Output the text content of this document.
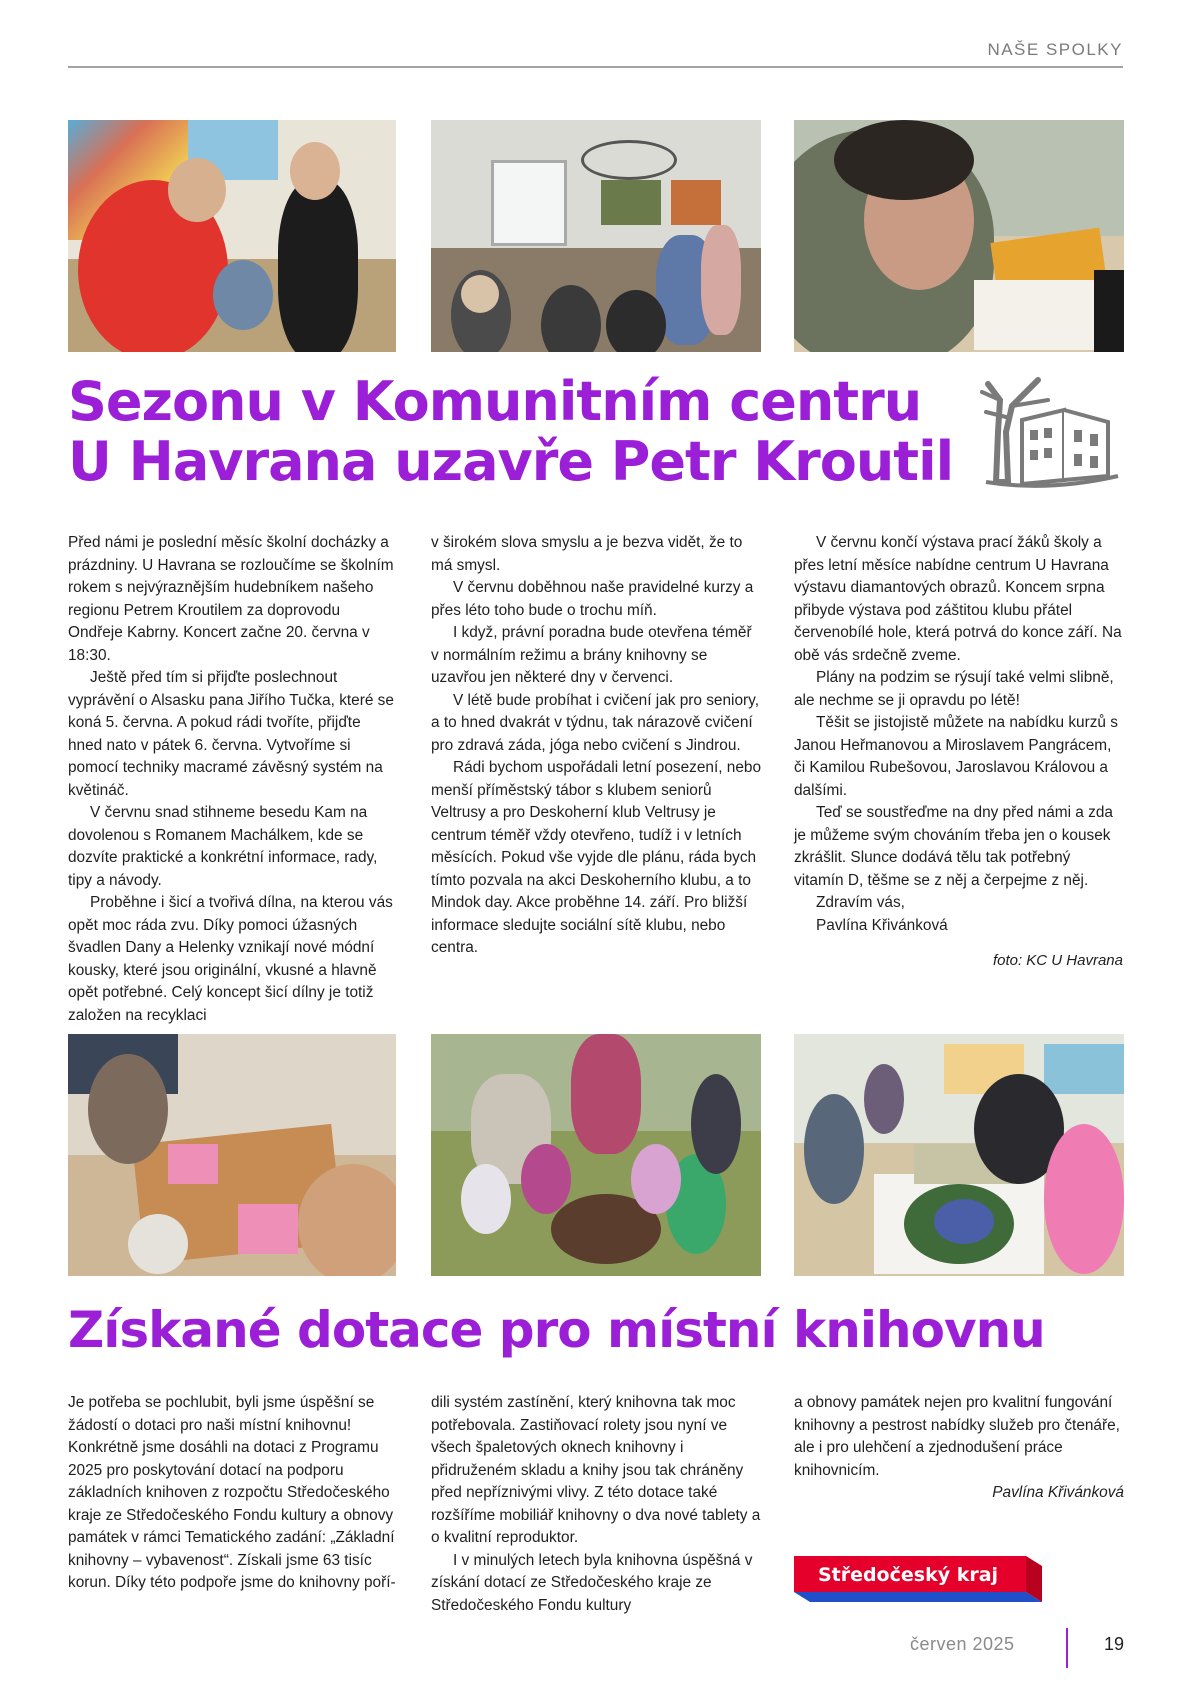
NAŠE SPOLKY
Sezonu v Komunitním centru
U Havrana uzavře Petr Kroutil

Před námi je poslední měsíc školní docházky a prázdniny. U Havrana se rozloučíme se školním rokem s nejvýraznějším hudebníkem našeho regionu Petrem Kroutilem za doprovodu Ondřeje Kabrny. Koncert začne 20. června v 18:30.

Ještě před tím si přijďte poslechnout vyprávění o Alsasku pana Jiřího Tučka, které se koná 5. června. A pokud rádi tvoříte, přijďte hned nato v pátek 6. června. Vytvoříme si pomocí techniky macramé závěsný systém na květináč.

V červnu snad stihneme besedu Kam na dovolenou s Romanem Machálkem, kde se dozvíte praktické a konkrétní informace, rady, tipy a návody.

Proběhne i šicí a tvořivá dílna, na kterou vás opět moc ráda zvu. Díky pomoci úžasných švadlen Dany a Helenky vznikají nové módní kousky, které jsou originální, vkusné a hlavně opět potřebné. Celý koncept šicí dílny je totiž založen na recyklaci

v širokém slova smyslu a je bezva vidět, že to má smysl.

V červnu doběhnou naše pravidelné kurzy a přes léto toho bude o trochu míň.

I když, právní poradna bude otevřena téměř v normálním režimu a brány knihovny se uzavřou jen některé dny v červenci.

V létě bude probíhat i cvičení jak pro seniory, a to hned dvakrát v týdnu, tak nárazově cvičení pro zdravá záda, jóga nebo cvičení s Jindrou.

Rádi bychom uspořádali letní posezení, nebo menší příměstský tábor s klubem seniorů Veltrusy a pro Deskoherní klub Veltrusy je centrum téměř vždy otevřeno, tudíž i v letních měsících. Pokud vše vyjde dle plánu, ráda bych tímto pozvala na akci Deskoherního klubu, a to Mindok day. Akce proběhne 14. září. Pro bližší informace sledujte sociální sítě klubu, nebo centra.

V červnu končí výstava prací žáků školy a přes letní měsíce nabídne centrum U Havrana výstavu diamantových obrazů. Koncem srpna přibyde výstava pod záštitou klubu přátel červenobílé hole, která potrvá do konce září. Na obě vás srdečně zveme.

Plány na podzim se rýsují také velmi slibně, ale nechme se ji opravdu po létě!

Těšit se jistojistě můžete na nabídku kurzů s Janou Heřmanovou a Miroslavem Pangrácem, či Kamilou Rubešovou, Jaroslavou Královou a dalšími.

Teď se soustřeďme na dny před námi a zda je můžeme svým chováním třeba jen o kousek zkrášlit. Slunce dodává tělu tak potřebný vitamín D, těšme se z něj a čerpejme z něj.

Zdravím vás,

Pavlína Křivánková

foto: KC U Havrana
Získané dotace pro místní knihovnu

Je potřeba se pochlubit, byli jsme úspěšní se žádostí o dotaci pro naši místní knihovnu! Konkrétně jsme dosáhli na dotaci z Programu 2025 pro poskytování dotací na podporu základních knihoven z rozpočtu Středočeského kraje ze Středočeského Fondu kultury a obnovy památek v rámci Tematického zadání: „Základní knihovny – vybavenost“. Získali jsme 63 tisíc korun. Díky této podpoře jsme do knihovny poří-

dili systém zastínění, který knihovna tak moc potřebovala. Zastiňovací rolety jsou nyní ve všech špaletových oknech knihovny i přidruženém skladu a knihy jsou tak chráněny před nepříznivými vlivy. Z této dotace také rozšíříme mobiliář knihovny o dva nové tablety a o kvalitní reproduktor.

I v minulých letech byla knihovna úspěšná v získání dotací ze Středočeského kraje ze Středočeského Fondu kultury

a obnovy památek nejen pro kvalitní fungování knihovny a pestrost nabídky služeb pro čtenáře, ale i pro ulehčení a zjednodušení práce knihovnicím.

Pavlína Křivánková

Středočeský kraj
červen 2025	19
